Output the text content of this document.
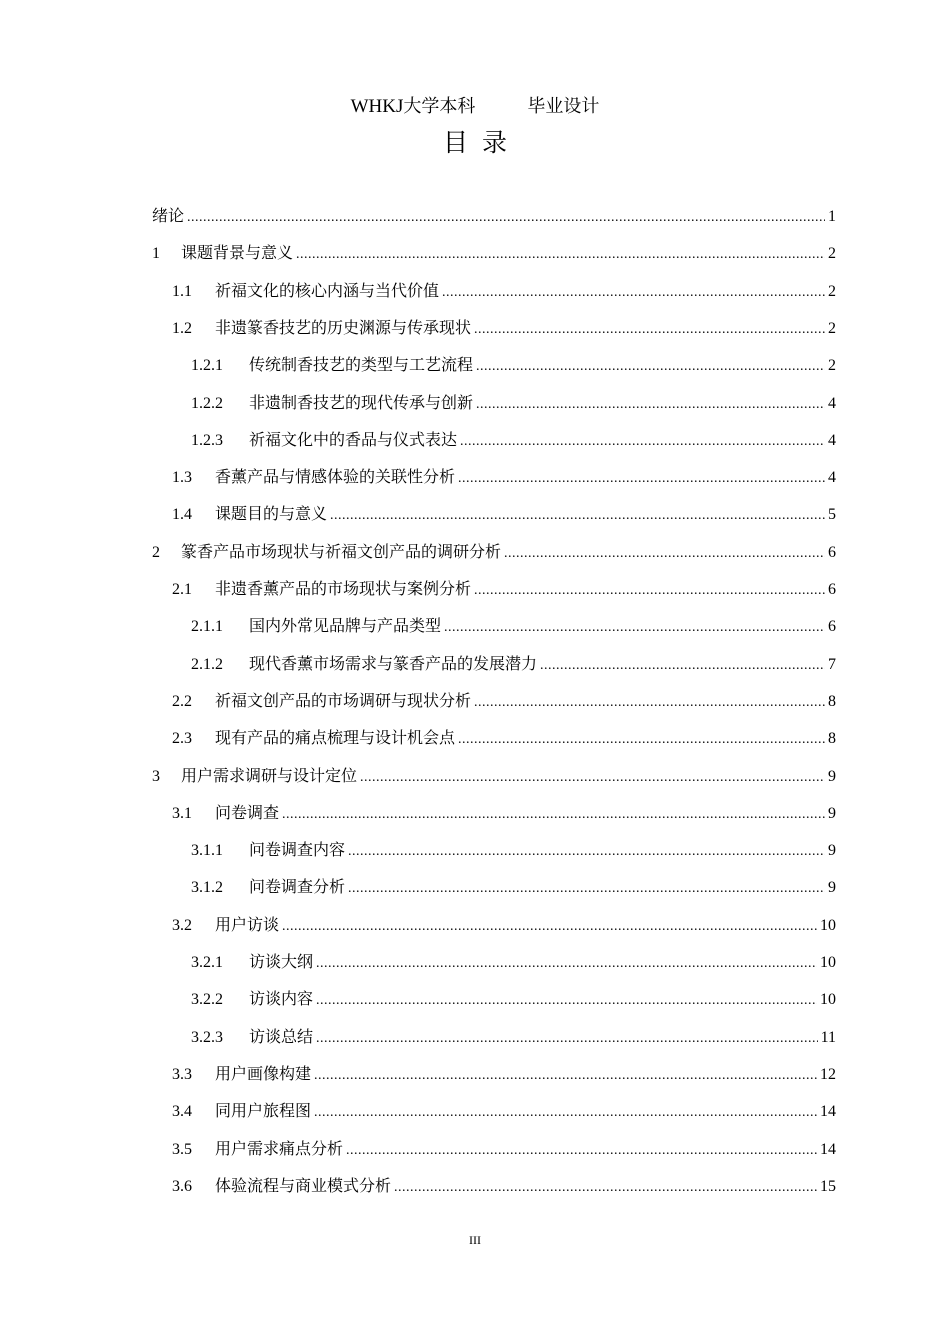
WHKJ大学本科	毕业设计
目录
绪论 .....	1
1	课题背景与意义 .....	2
1.1	祈福文化的核心内涵与当代价值 .....	2
1.2	非遗篆香技艺的历史渊源与传承现状 .....	2
1.2.1	传统制香技艺的类型与工艺流程 .....	2
1.2.2	非遗制香技艺的现代传承与创新 .....	4
1.2.3	祈福文化中的香品与仪式表达 .....	4
1.3	香薰产品与情感体验的关联性分析 .....	4
1.4	课题目的与意义 .....	5
2	篆香产品市场现状与祈福文创产品的调研分析 .....	6
2.1	非遗香薰产品的市场现状与案例分析 .....	6
2.1.1	国内外常见品牌与产品类型 .....	6
2.1.2	现代香薰市场需求与篆香产品的发展潜力 .....	7
2.2	祈福文创产品的市场调研与现状分析 .....	8
2.3	现有产品的痛点梳理与设计机会点 .....	8
3	用户需求调研与设计定位 .....	9
3.1	问卷调查 .....	9
3.1.1	问卷调查内容 .....	9
3.1.2	问卷调查分析 .....	9
3.2	用户访谈 .....	10
3.2.1	访谈大纲 .....	10
3.2.2	访谈内容 .....	10
3.2.3	访谈总结 .....	11
3.3	用户画像构建 .....	12
3.4	同用户旅程图 .....	14
3.5	用户需求痛点分析 .....	14
3.6	体验流程与商业模式分析 .....	15
III
